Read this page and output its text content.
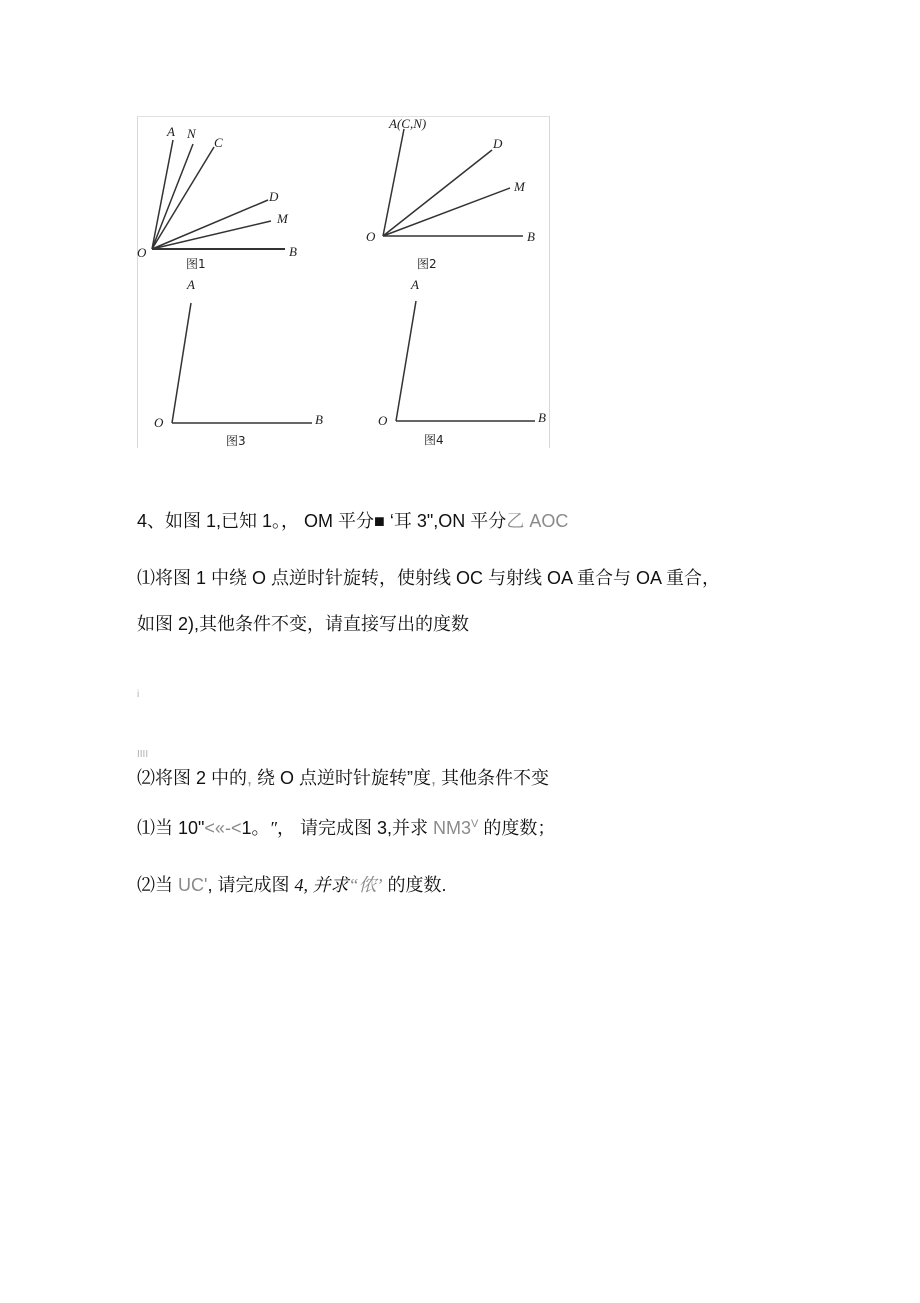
A N
C
D
M
O	B
图1
A(C,N)
D
M
O	B
图2
A
O	B
图3
A
O	B
图4
4、如图 1,已知 1。， OM 平分■ ‘耳 3",ON 平分乙 AOC
⑴将图 1 中绕 O 点逆时针旋转，使射线 OC 与射线 OA 重合与 OA 重合，
如图 2),其他条件不变，请直接写出的度数
i
IIII
⑵将图 2 中的, 绕 O 点逆时针旋转”度, 其他条件不变
⑴当 10"<«-<1。″， 请完成图 3,并求 $NM3^V$ 的度数；
⑵当 UC', 请完成图 4, 并求“侬’ 的度数.
